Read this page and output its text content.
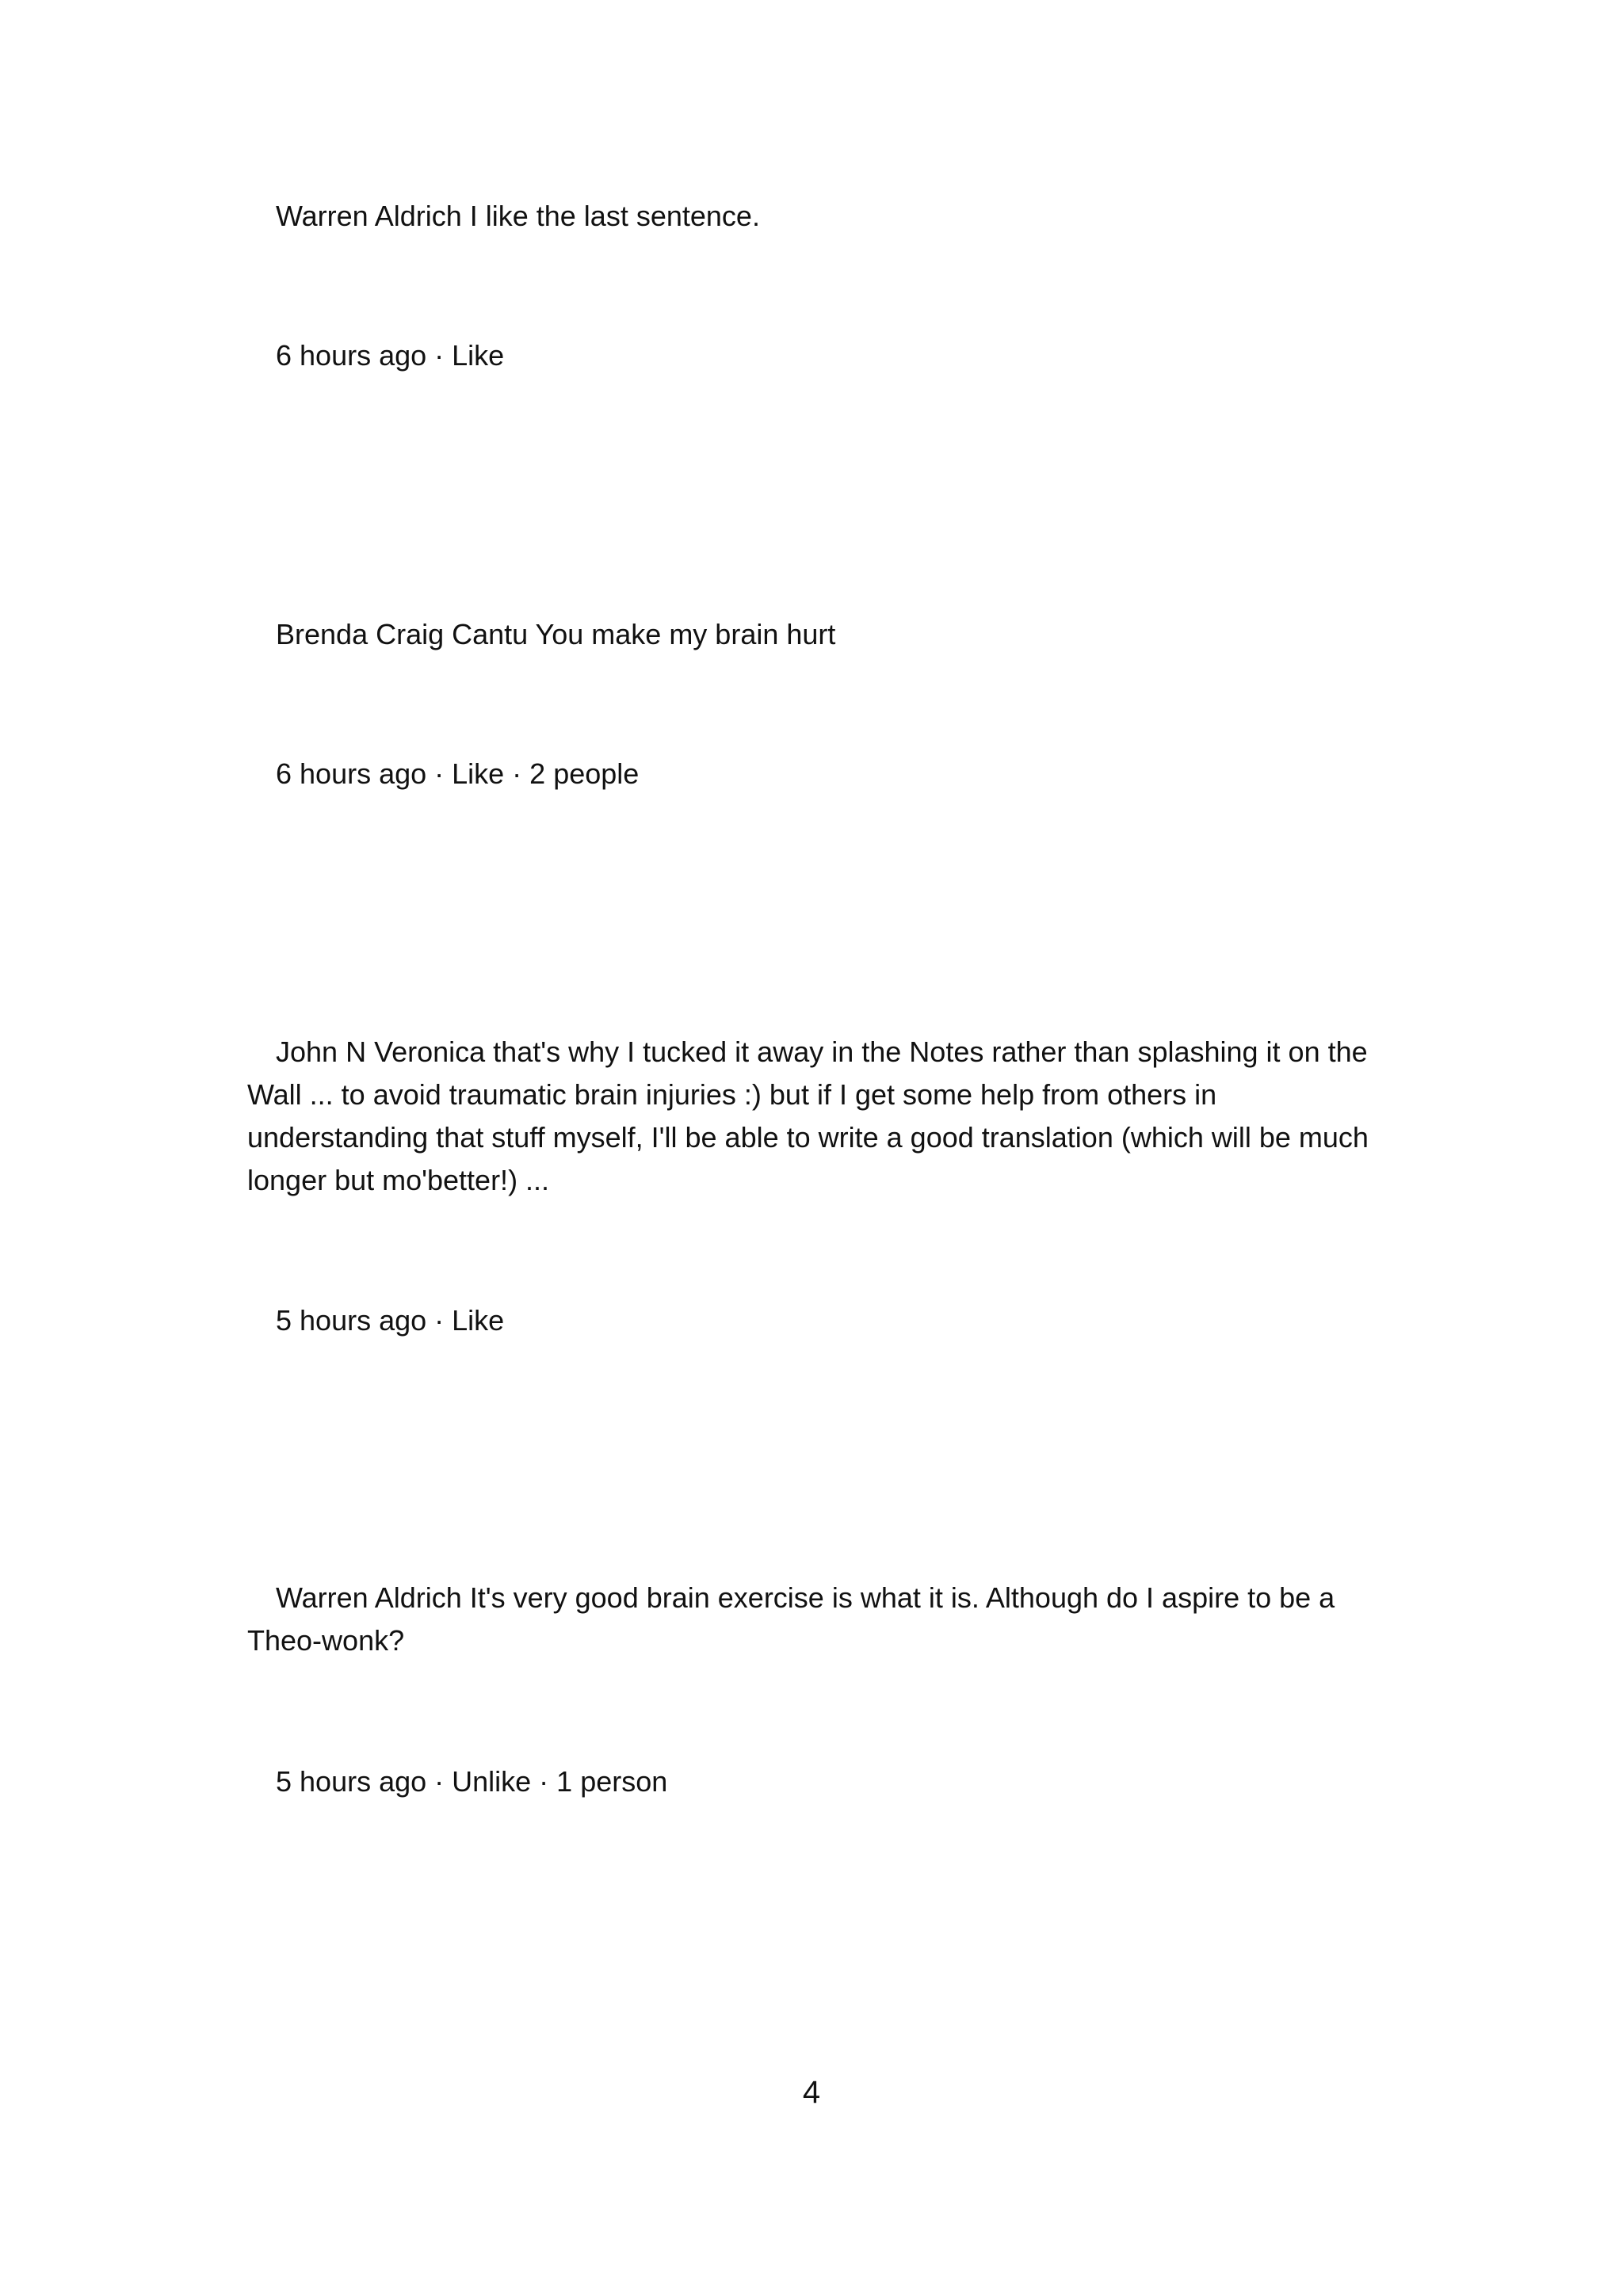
Warren Aldrich I like the last sentence.

6 hours ago · Like

Brenda Craig Cantu You make my brain hurt

6 hours ago · Like · 2 people

John N Veronica that's why I tucked it away in the Notes rather than splashing it on the Wall ... to avoid traumatic brain injuries :) but if I get some help from others in understanding that stuff myself, I'll be able to write a good translation (which will be much longer but mo'better!) ...

5 hours ago · Like

Warren Aldrich It's very good brain exercise is what it is. Although do I aspire to be a Theo-wonk?

5 hours ago · Unlike · 1 person

4
